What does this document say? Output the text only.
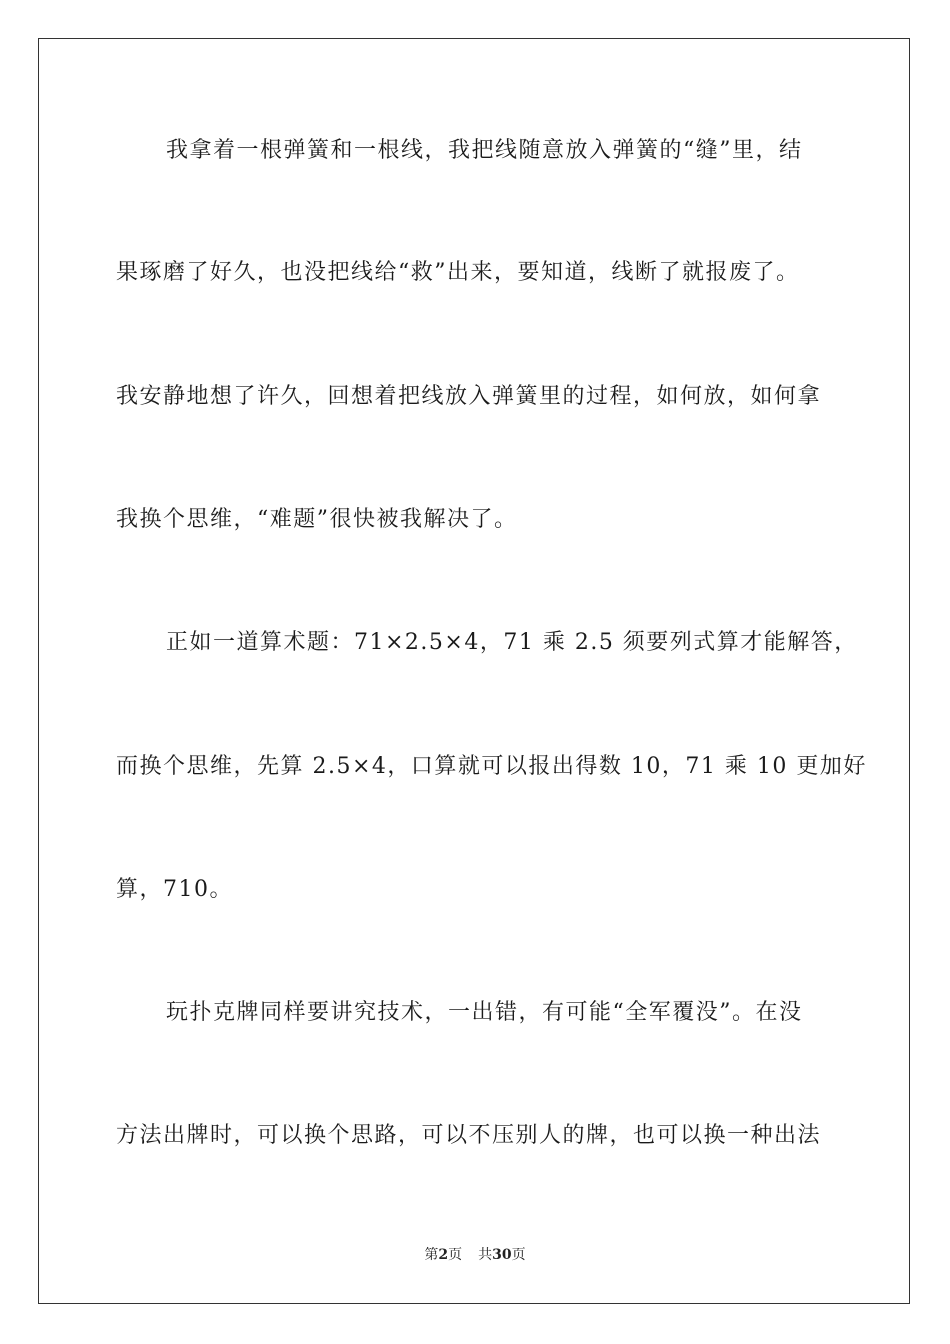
我拿着一根弹簧和一根线，我把线随意放入弹簧的“缝”里，结
果琢磨了好久，也没把线给“救”出来，要知道，线断了就报废了。
我安静地想了许久，回想着把线放入弹簧里的过程，如何放，如何拿
我换个思维，“难题”很快被我解决了。
正如一道算术题：71×2.5×4，71 乘 2.5 须要列式算才能解答，
而换个思维，先算 2.5×4，口算就可以报出得数 10，71 乘 10 更加好
算，710。
玩扑克牌同样要讲究技术，一出错，有可能“全军覆没”。在没
方法出牌时，可以换个思路，可以不压别人的牌，也可以换一种出法
第2页 共30页
